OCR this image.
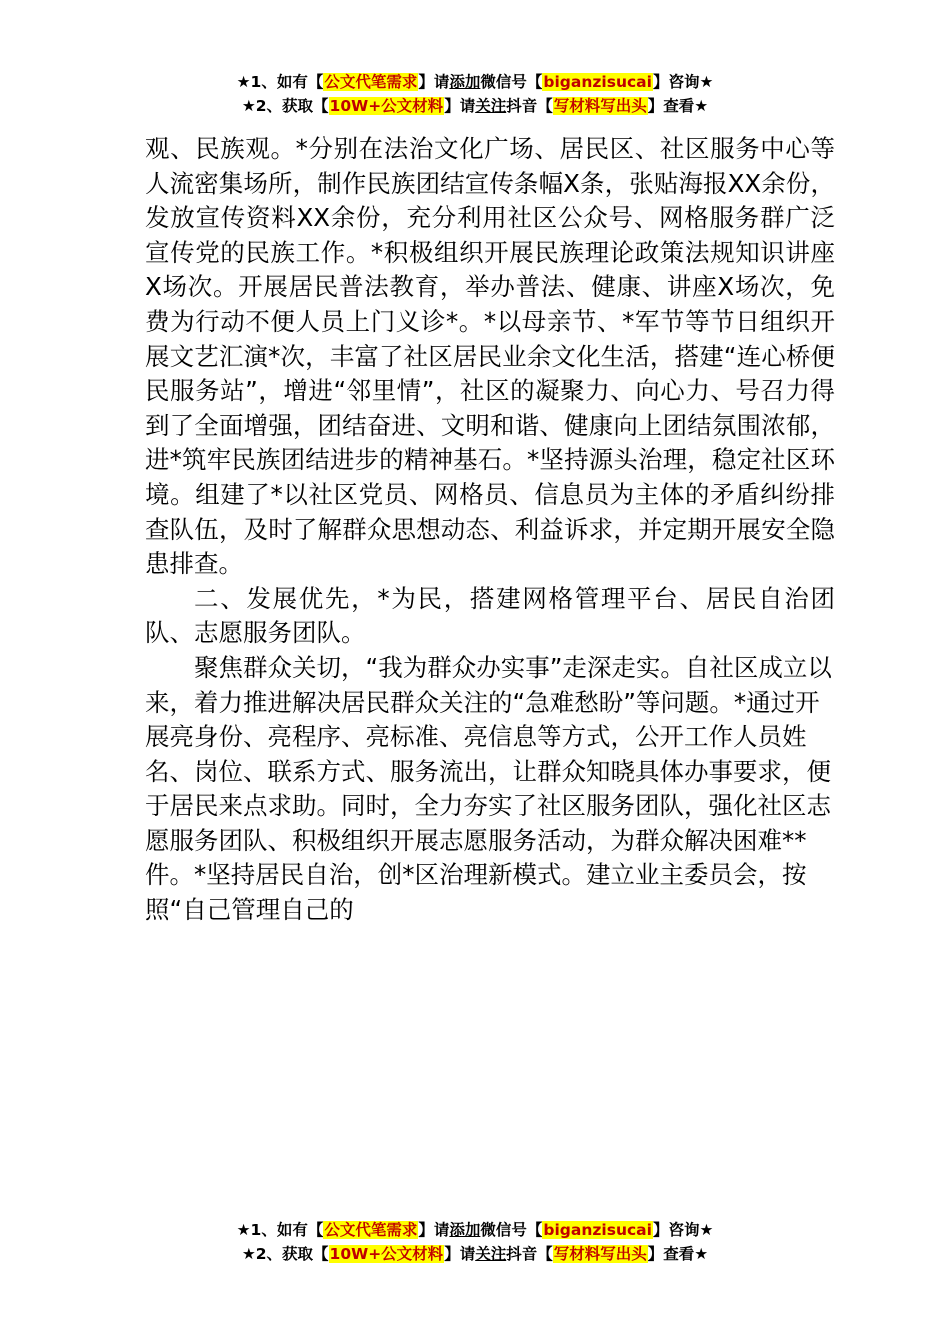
★1、如有【公文代笔需求】请添加微信号【biganzisucai】咨询★
★2、获取【10W+公文材料】请关注抖音【写材料写出头】查看★

观、民族观。*分别在法治文化广场、居民区、社区服务中心等人流密集场所，制作民族团结宣传条幅X条，张贴海报XX余份，发放宣传资料XX余份，充分利用社区公众号、网格服务群广泛宣传党的民族工作。*积极组织开展民族理论政策法规知识讲座X场次。开展居民普法教育，举办普法、健康、讲座X场次，免费为行动不便人员上门义诊*。*以母亲节、*军节等节日组织开展文艺汇演*次，丰富了社区居民业余文化生活，搭建“连心桥便民服务站”，增进“邻里情”，社区的凝聚力、向心力、号召力得到了全面增强，团结奋进、文明和谐、健康向上团结氛围浓郁，进*筑牢民族团结进步的精神基石。*坚持源头治理，稳定社区环境。组建了*以社区党员、网格员、信息员为主体的矛盾纠纷排查队伍，及时了解群众思想动态、利益诉求，并定期开展安全隐患排查。

二、发展优先，*为民，搭建网格管理平台、居民自治团队、志愿服务团队。

聚焦群众关切，“我为群众办实事”走深走实。自社区成立以来，着力推进解决居民群众关注的“急难愁盼”等问题。*通过开展亮身份、亮程序、亮标准、亮信息等方式，公开工作人员姓名、岗位、联系方式、服务流出，让群众知晓具体办事要求，便于居民来点求助。同时，全力夯实了社区服务团队，强化社区志愿服务团队、积极组织开展志愿服务活动，为群众解决困难**件。*坚持居民自治，创*区治理新模式。建立业主委员会，按照“自己管理自己的

★1、如有【公文代笔需求】请添加微信号【biganzisucai】咨询★
★2、获取【10W+公文材料】请关注抖音【写材料写出头】查看★
